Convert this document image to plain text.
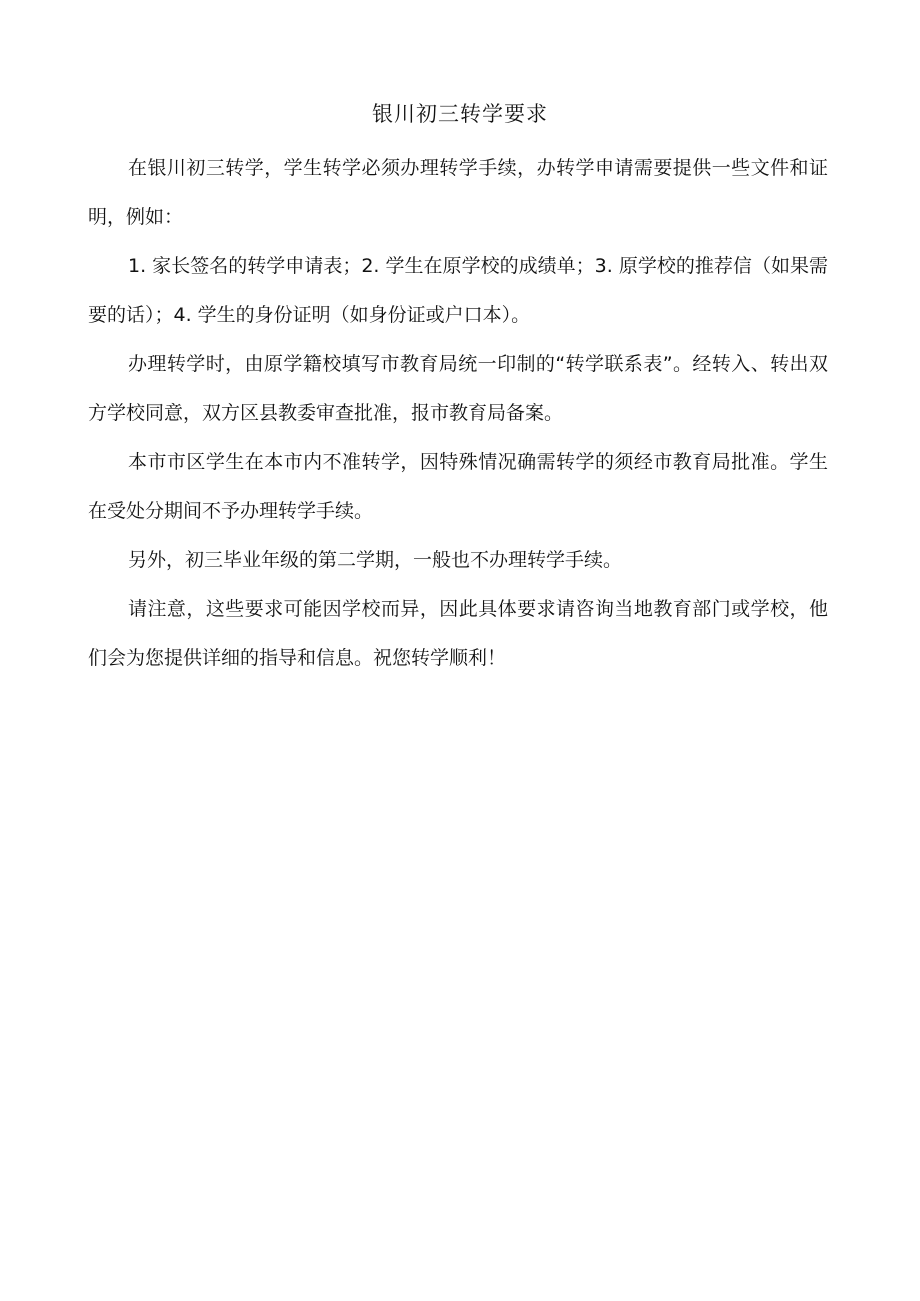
银川初三转学要求

在银川初三转学，学生转学必须办理转学手续，办转学申请需要提供一些文件和证明，例如：

1. 家长签名的转学申请表；2. 学生在原学校的成绩单；3. 原学校的推荐信（如果需要的话）；4. 学生的身份证明（如身份证或户口本）。

办理转学时，由原学籍校填写市教育局统一印制的“转学联系表”。经转入、转出双方学校同意，双方区县教委审查批准，报市教育局备案。

本市市区学生在本市内不准转学，因特殊情况确需转学的须经市教育局批准。学生在受处分期间不予办理转学手续。

另外，初三毕业年级的第二学期，一般也不办理转学手续。

请注意，这些要求可能因学校而异，因此具体要求请咨询当地教育部门或学校，他们会为您提供详细的指导和信息。祝您转学顺利！
